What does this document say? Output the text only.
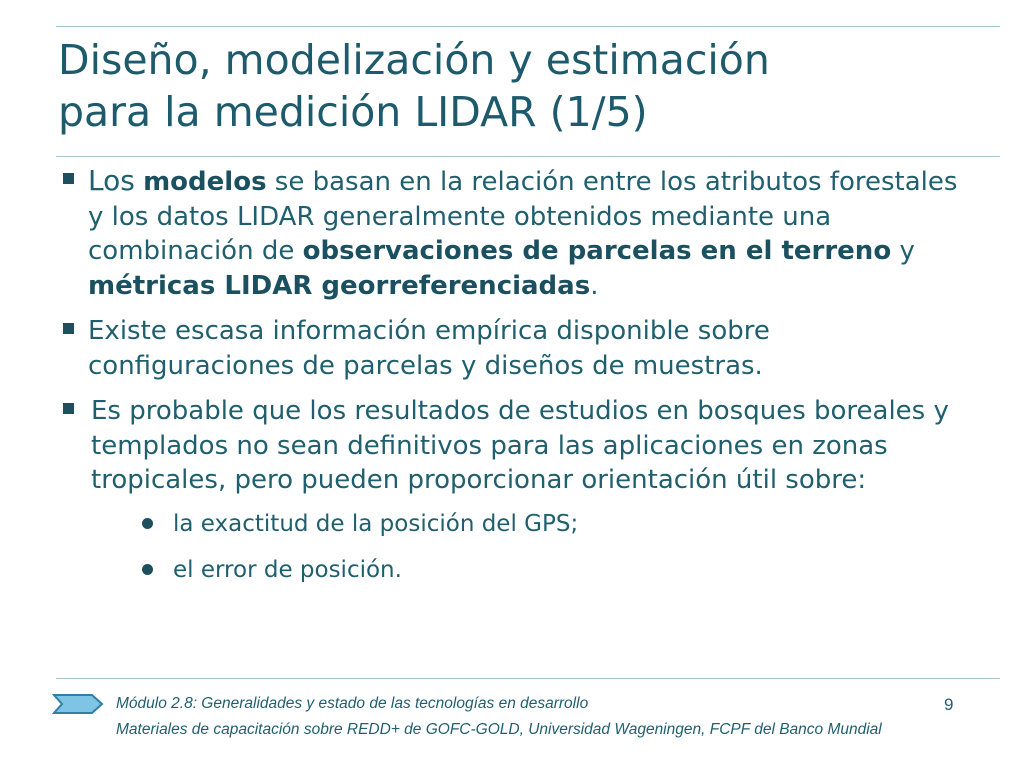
Diseño, modelización y estimación
para la medición LIDAR (1/5)
Los modelos se basan en la relación entre los atributos forestales y los datos LIDAR generalmente obtenidos mediante una combinación de observaciones de parcelas en el terreno y métricas LIDAR georreferenciadas.
Existe escasa información empírica disponible sobre configuraciones de parcelas y diseños de muestras.
Es probable que los resultados de estudios en bosques boreales y templados no sean definitivos para las aplicaciones en zonas tropicales, pero pueden proporcionar orientación útil sobre:
la exactitud de la posición del GPS;
el error de posición.
Módulo 2.8: Generalidades y estado de las tecnologías en desarrollo
Materiales de capacitación sobre REDD+ de GOFC-GOLD, Universidad Wageningen, FCPF del Banco Mundial
9
